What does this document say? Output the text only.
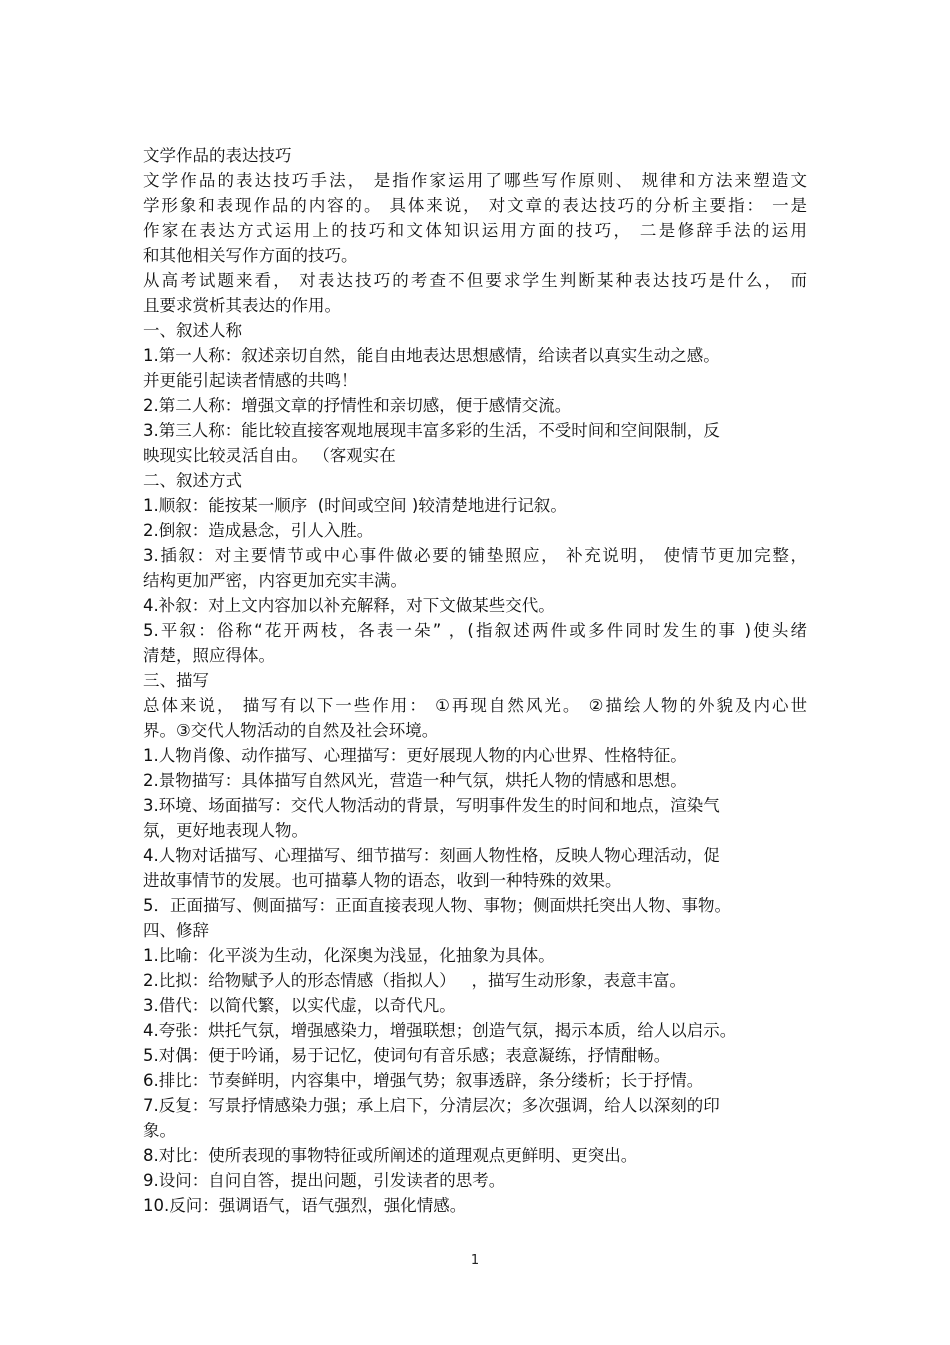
文学作品的表达技巧
文学作品的表达技巧手法， 是指作家运用了哪些写作原则、 规律和方法来塑造文
学形象和表现作品的内容的。 具体来说， 对文章的表达技巧的分析主要指： 一是
作家在表达方式运用上的技巧和文体知识运用方面的技巧， 二是修辞手法的运用
和其他相关写作方面的技巧。
从高考试题来看， 对表达技巧的考查不但要求学生判断某种表达技巧是什么， 而
且要求赏析其表达的作用。
一、叙述人称
1.第一人称：叙述亲切自然，能自由地表达思想感情，给读者以真实生动之感。
并更能引起读者情感的共鸣！
2.第二人称：增强文章的抒情性和亲切感，便于感情交流。
3.第三人称：能比较直接客观地展现丰富多彩的生活，不受时间和空间限制，反
映现实比较灵活自由。 （客观实在
二、叙述方式
1.顺叙：能按某一顺序  (时间或空间 )较清楚地进行记叙。
2.倒叙：造成悬念，引人入胜。
3.插叙：对主要情节或中心事件做必要的铺垫照应， 补充说明， 使情节更加完整，
结构更加严密，内容更加充实丰满。
4.补叙：对上文内容加以补充解释，对下文做某些交代。
5.平叙：俗称“花开两枝，各表一朵” ，(指叙述两件或多件同时发生的事 )使头绪
清楚，照应得体。
三、描写
总体来说， 描写有以下一些作用： ①再现自然风光。 ②描绘人物的外貌及内心世
界。③交代人物活动的自然及社会环境。
1.人物肖像、动作描写、心理描写：更好展现人物的内心世界、性格特征。
2.景物描写：具体描写自然风光，营造一种气氛，烘托人物的情感和思想。
3.环境、场面描写：交代人物活动的背景，写明事件发生的时间和地点，渲染气
氛，更好地表现人物。
4.人物对话描写、心理描写、细节描写：刻画人物性格，反映人物心理活动，促
进故事情节的发展。也可描摹人物的语态，收到一种特殊的效果。
5．正面描写、侧面描写：正面直接表现人物、事物；侧面烘托突出人物、事物。
四、修辞
1.比喻：化平淡为生动，化深奥为浅显，化抽象为具体。
2.比拟：给物赋予人的形态情感（指拟人）   ，描写生动形象，表意丰富。
3.借代：以简代繁，以实代虚，以奇代凡。
4.夸张：烘托气氛，增强感染力，增强联想；创造气氛，揭示本质，给人以启示。
5.对偶：便于吟诵，易于记忆，使词句有音乐感；表意凝练，抒情酣畅。
6.排比：节奏鲜明，内容集中，增强气势；叙事透辟，条分缕析；长于抒情。
7.反复：写景抒情感染力强；承上启下，分清层次；多次强调，给人以深刻的印
象。
8.对比：使所表现的事物特征或所阐述的道理观点更鲜明、更突出。
9.设问：自问自答，提出问题，引发读者的思考。
10.反问：强调语气，语气强烈，强化情感。
1
